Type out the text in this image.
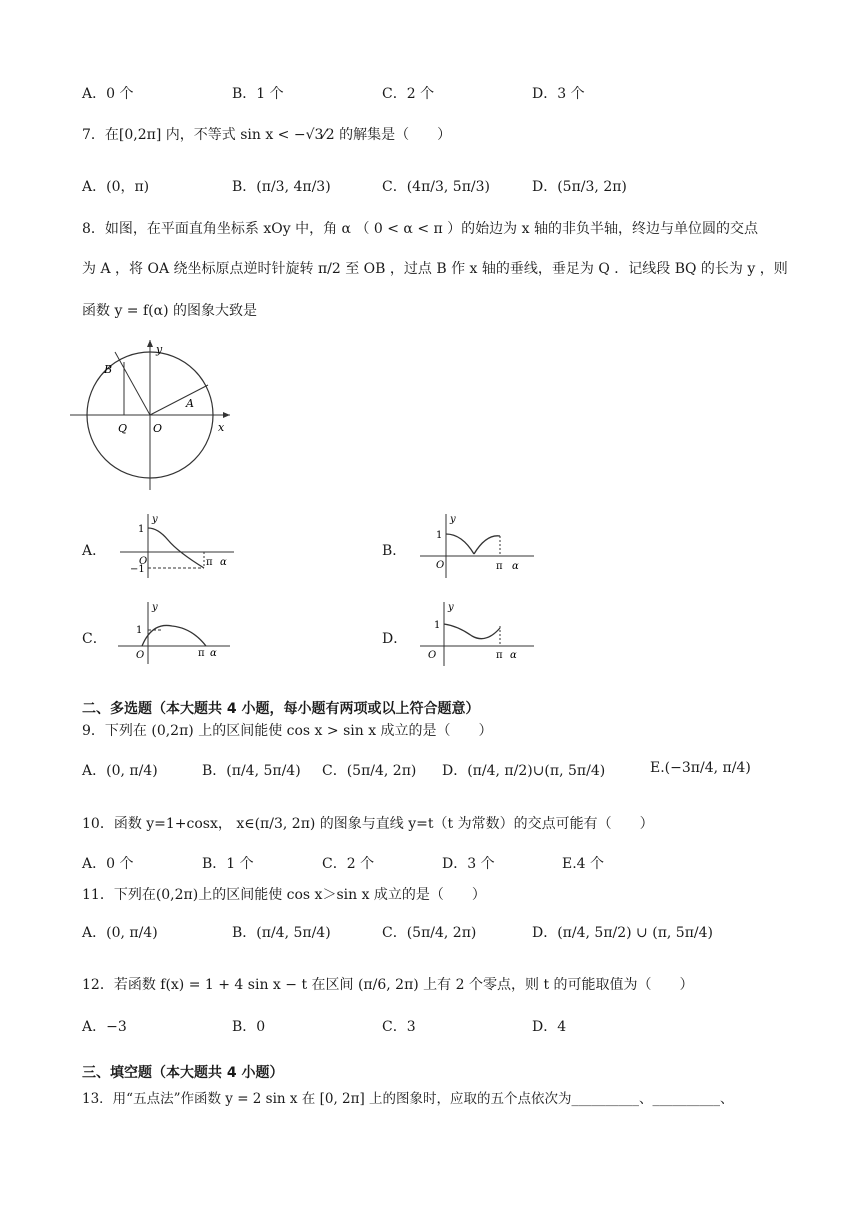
A．0 个	B．1 个	C．2 个	D．3 个
7．在[0,2π] 内，不等式 sin x < −√3⁄2 的解集是（　　）
A．(0，π)	B．(π/3, 4π/3)	C．(4π/3, 5π/3)	D．(5π/3, 2π)
8．如图，在平面直角坐标系 xOy 中，角 α （ 0 < α < π ）的始边为 x 轴的非负半轴，终边与单位圆的交点
为 A ，将 OA 绕坐标原点逆时针旋转 π/2 至 OB ，过点 B 作 x 轴的垂线，垂足为 Q ．记线段 BQ 的长为 y ，则
函数 y = f(α) 的图象大致是
B
A
Q O	x
y
A．	B．
C．	D．
1
−1
O	π α
y
1
O	π α
y
1
O	π α
y
1
O	π α
y
二、多选题（本大题共 4 小题，每小题有两项或以上符合题意）
9．下列在 (0,2π) 上的区间能使 cos x > sin x 成立的是（　　）
A．(0, π/4)	B．(π/4, 5π/4) C．(5π/4, 2π) D．(π/4, π/2)∪(π, 5π/4)	E.(−3π/4, π/4)
10．函数 y=1+cosx， x∈(π/3, 2π) 的图象与直线 y=t（t 为常数）的交点可能有（　　）
A．0 个	B．1 个	C．2 个	D．3 个	E.4 个
11．下列在(0,2π)上的区间能使 cos x＞sin x 成立的是（　　）
A．(0, π/4)	B．(π/4, 5π/4)	C．(5π/4, 2π)	D．(π/4, 5π/2) ∪ (π, 5π/4)
12．若函数 f(x) = 1 + 4 sin x − t 在区间 (π/6, 2π) 上有 2 个零点，则 t 的可能取值为（　　）
A．−3	B．0	C．3	D．4
三、填空题（本大题共 4 小题）
13．用“五点法”作函数 y = 2 sin x 在 [0, 2π] 上的图象时，应取的五个点依次为__________、__________、
